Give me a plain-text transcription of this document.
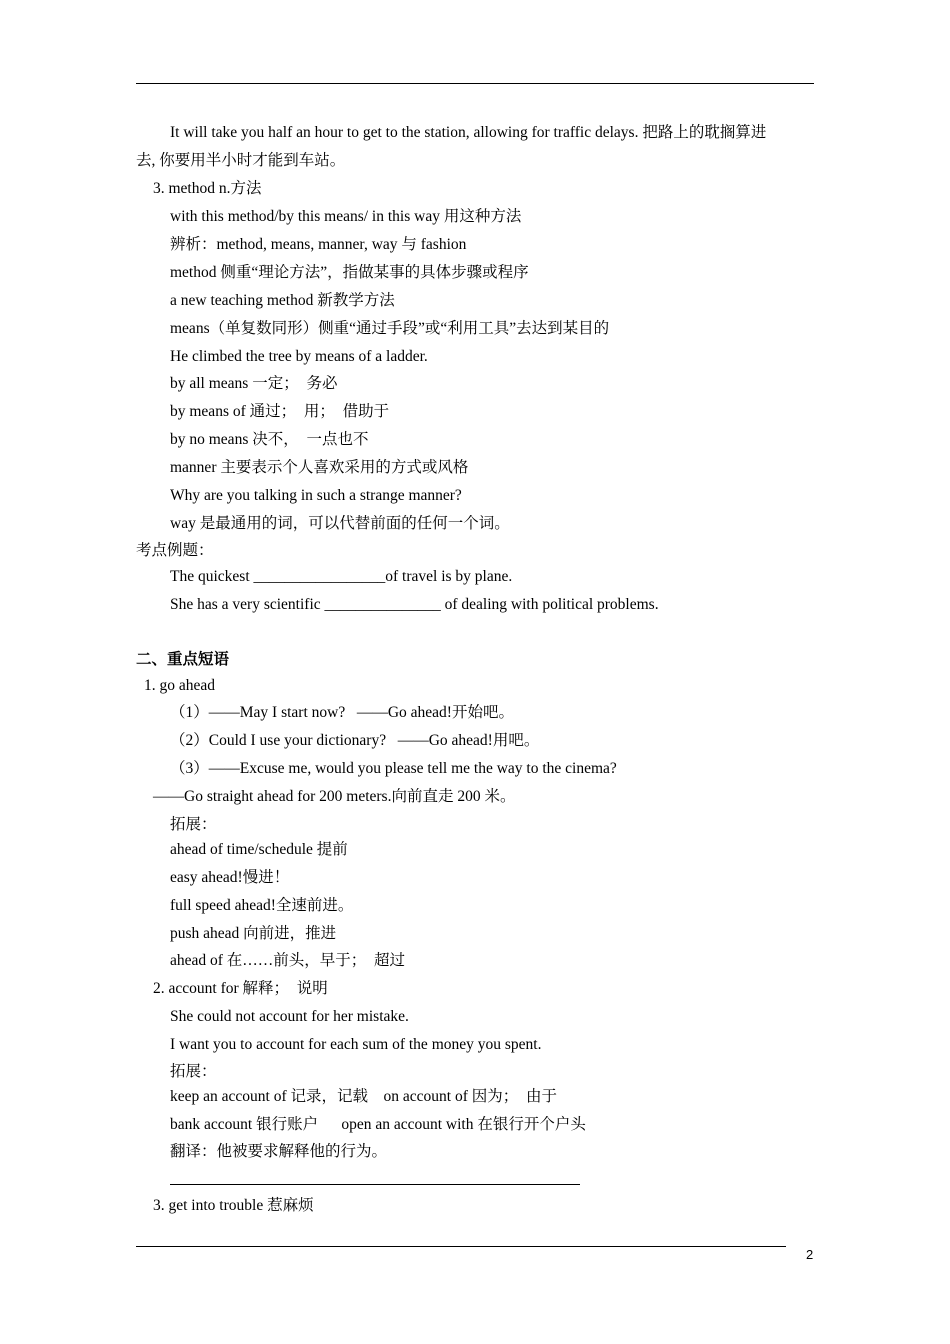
It will take you half an hour to get to the station, allowing for traffic delays. 把路上的耽搁算进
去, 你要用半小时才能到车站。
3. method n.方法
with this method/by this means/ in this way 用这种方法
辨析：method, means, manner, way 与 fashion
method 侧重“理论方法”，指做某事的具体步骤或程序
a new teaching method 新教学方法
means（单复数同形）侧重“通过手段”或“利用工具”去达到某目的
He climbed the tree by means of a ladder.
by all means 一定；  务必
by means of 通过；  用；  借助于
by no means 决不，  一点也不
manner 主要表示个人喜欢采用的方式或风格
Why are you talking in such a strange manner?
way 是最通用的词，可以代替前面的任何一个词。
考点例题：
The quickest _________________of travel is by plane.
She has a very scientific _______________ of dealing with political problems.
二、重点短语
1. go ahead
（1）——May I start now?   ——Go ahead!开始吧。
（2）Could I use your dictionary?   ——Go ahead!用吧。
（3）——Excuse me, would you please tell me the way to the cinema?
——Go straight ahead for 200 meters.向前直走 200 米。
拓展：
ahead of time/schedule 提前
easy ahead!慢进！
full speed ahead!全速前进。
push ahead 向前进，推进
ahead of 在……前头，早于；  超过
2. account for 解释；  说明
She could not account for her mistake.
I want you to account for each sum of the money you spent.
拓展：
keep an account of 记录，记载    on account of 因为；  由于
bank account 银行账户      open an account with 在银行开个户头
翻译：他被要求解释他的行为。
3. get into trouble 惹麻烦
2
